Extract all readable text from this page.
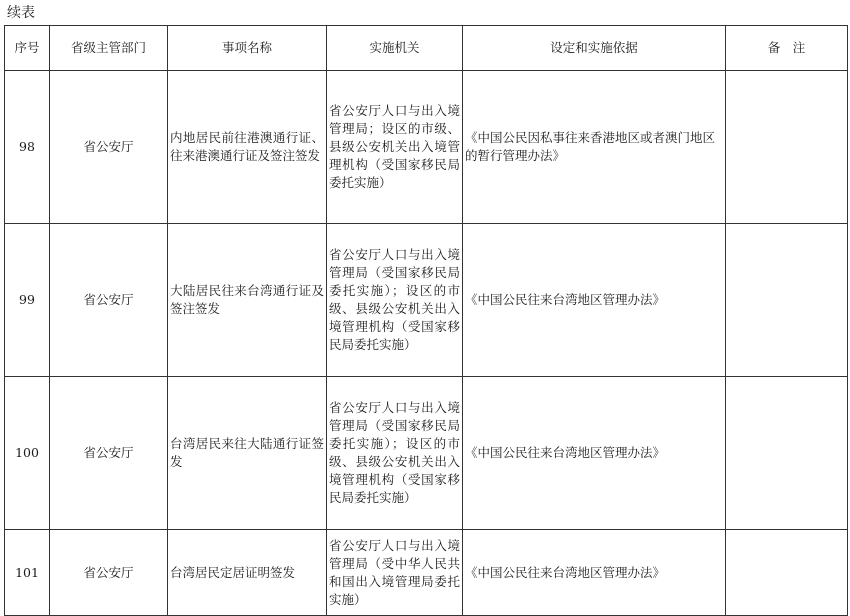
续表
序号	省级主管部门	事项名称	实施机关	设定和实施依据	备　注
98	省公安厅	内地居民前往港澳通行证、往来港澳通行证及签注签发	省公安厅人口与出入境管理局；设区的市级、县级公安机关出入境管理机构（受国家移民局委托实施）	《中国公民因私事往来香港地区或者澳门地区的暂行管理办法》	
99	省公安厅	大陆居民往来台湾通行证及签注签发	省公安厅人口与出入境管理局（受国家移民局委托实施）；设区的市级、县级公安机关出入境管理机构（受国家移民局委托实施）	《中国公民往来台湾地区管理办法》	
100	省公安厅	台湾居民来往大陆通行证签发	省公安厅人口与出入境管理局（受国家移民局委托实施）；设区的市级、县级公安机关出入境管理机构（受国家移民局委托实施）	《中国公民往来台湾地区管理办法》	
101	省公安厅	台湾居民定居证明签发	省公安厅人口与出入境管理局（受中华人民共和国出入境管理局委托实施）	《中国公民往来台湾地区管理办法》	
